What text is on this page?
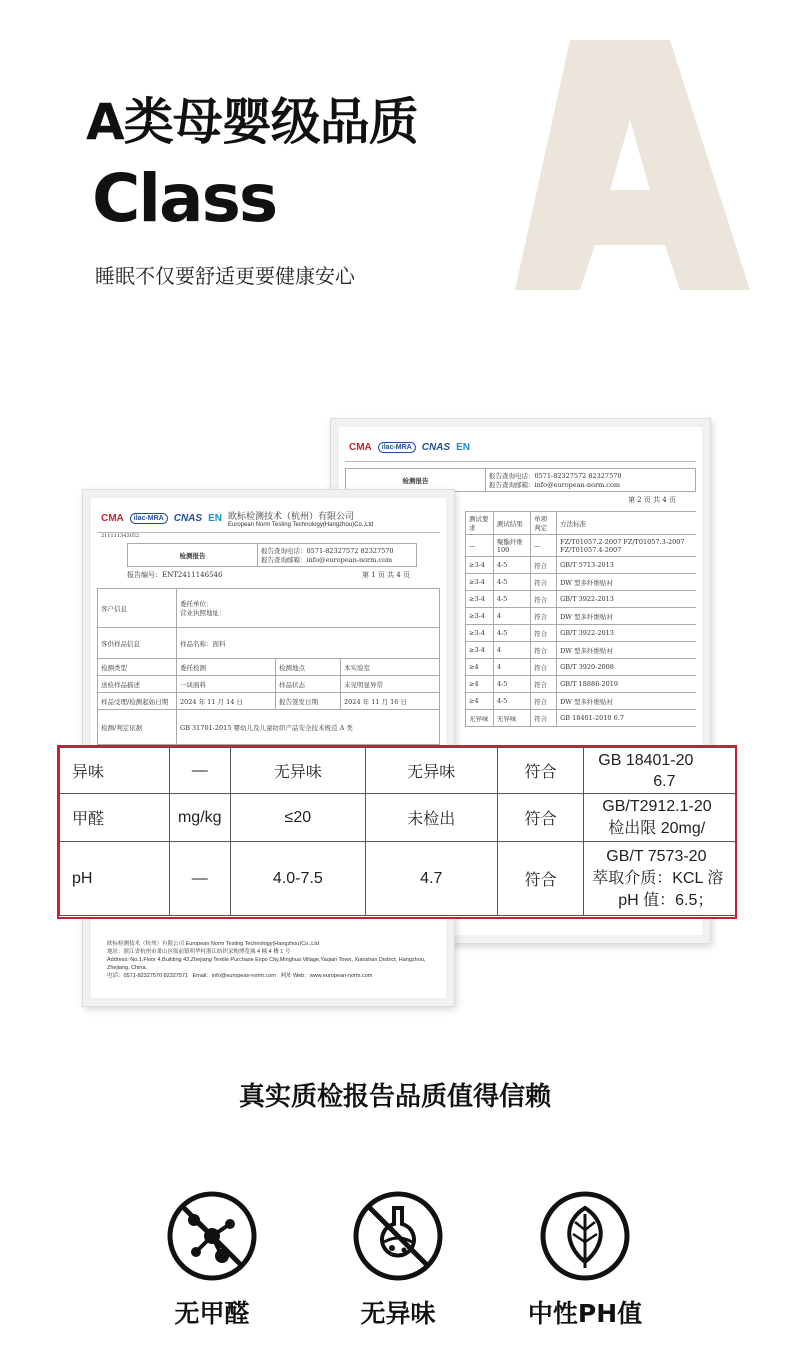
A类母婴级品质
Class
睡眠不仅要舒适更要健康安心
CMA	ilac-MRA	CNAS EN
检测报告	
报告查询电话：0571-82327572 82327570
报告查询邮箱：info@european-norm.com
第 2 页 共 4 页
测试要求	测试结果	单项判定	方法标准
—	聚酯纤维 100	—	FZ/T01057.2-2007 FZ/T01057.3-2007 FZ/T01057.4-2007
≥3-4	4-5	符合	GB/T 5713-2013
≥3-4	4-5	符合	DW 型多纤维贴衬
≥3-4	4-5	符合	GB/T 3922-2013
≥3-4	4	符合	DW 型多纤维贴衬
≥3-4	4-5	符合	GB/T 3922-2013
≥3-4	4	符合	DW 型多纤维贴衬
≥4	4	符合	GB/T 3920-2008
≥4	4-5	符合	GB/T 18886-2019
≥4	4-5	符合	DW 型多纤维贴衬
无异味	无异味	符合	GB 18401-2010 6.7
CMA	ilac-MRA	CNAS EN 欧标检测技术（杭州）有限公司
European Norm Testing Technology(Hangzhou)Co.,Ltd
211111343052
检测报告	
报告查询电话：0571-82327572 82327570
报告查询邮箱：info@european-norm.com
报告编号：ENT2411146546	第 1 页 共 4 页
客户信息	委托单位：
营业执照地址：		

客供样品信息	样品名称：面料		
检测类型	委托检测	检测地点	本实验室
送检样品描述	一块面料	样品状态	未见明显异常
样品受理/检测起始日期	2024 年 11 月 14 日	报告签发日期	2024 年 11 月 16 日
检测/判定依据	GB 31701-2015 婴幼儿及儿童纺织产品安全技术规范 A 类		
欧标检测技术（杭州）有限公司 European Norm Testing Technology(Hangzhou)Co.,Ltd
地址：浙江省杭州市萧山区衙前镇明华村浙江纺织采购博览城 4 幢 4 楼 1 号
Address: No.1,Floor 4,Building 43,Zhejiang Textile Purchase Expo City,Minghua Village,Yaqian Town, Xiaoshan District, Hangzhou, Zhejiang, China.
电话：0571-82327570 82327571 Email：info@european-norm.com 网址 Web：www.european-norm.com
异味	—	无异味	无异味	符合	GB 18401-20
6.7

甲醛	mg/kg	≤20	未检出	符合	GB/T2912.1-20
检出限 20mg/

pH	—	4.0-7.5	4.7	符合	GB/T 7573-20
萃取介质：KCL 溶
pH 值：6.5；
真实质检报告品质值得信赖
无甲醛	无异味	中性PH值
